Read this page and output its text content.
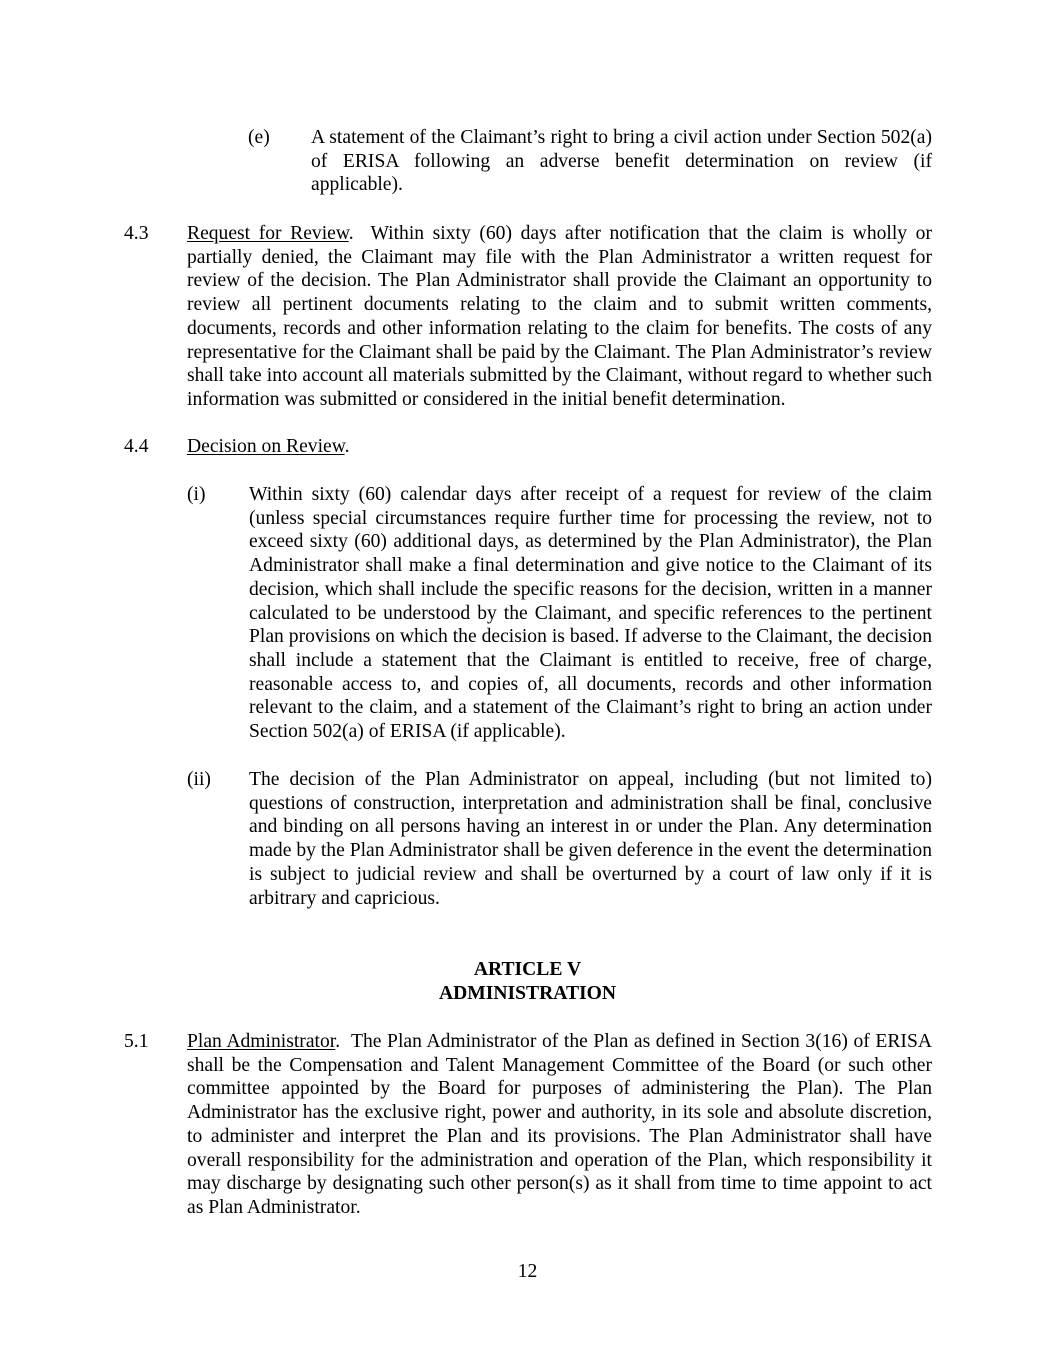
(e) A statement of the Claimant’s right to bring a civil action under Section 502(a) of ERISA following an adverse benefit determination on review (if applicable).

4.3 Request for Review.  Within sixty (60) days after notification that the claim is wholly or partially denied, the Claimant may file with the Plan Administrator a written request for review of the decision. The Plan Administrator shall provide the Claimant an opportunity to review all pertinent documents relating to the claim and to submit written comments, documents, records and other information relating to the claim for benefits. The costs of any representative for the Claimant shall be paid by the Claimant. The Plan Administrator’s review shall take into account all materials submitted by the Claimant, without regard to whether such information was submitted or considered in the initial benefit determination.

4.4 Decision on Review.

(i) Within sixty (60) calendar days after receipt of a request for review of the claim (unless special circumstances require further time for processing the review, not to exceed sixty (60) additional days, as determined by the Plan Administrator), the Plan Administrator shall make a final determination and give notice to the Claimant of its decision, which shall include the specific reasons for the decision, written in a manner calculated to be understood by the Claimant, and specific references to the pertinent Plan provisions on which the decision is based. If adverse to the Claimant, the decision shall include a statement that the Claimant is entitled to receive, free of charge, reasonable access to, and copies of, all documents, records and other information relevant to the claim, and a statement of the Claimant’s right to bring an action under Section 502(a) of ERISA (if applicable).

(ii) The decision of the Plan Administrator on appeal, including (but not limited to) questions of construction, interpretation and administration shall be final, conclusive and binding on all persons having an interest in or under the Plan. Any determination made by the Plan Administrator shall be given deference in the event the determination is subject to judicial review and shall be overturned by a court of law only if it is arbitrary and capricious.

ARTICLE V

ADMINISTRATION

5.1 Plan Administrator.  The Plan Administrator of the Plan as defined in Section 3(16) of ERISA shall be the Compensation and Talent Management Committee of the Board (or such other committee appointed by the Board for purposes of administering the Plan). The Plan Administrator has the exclusive right, power and authority, in its sole and absolute discretion, to administer and interpret the Plan and its provisions. The Plan Administrator shall have overall responsibility for the administration and operation of the Plan, which responsibility it may discharge by designating such other person(s) as it shall from time to time appoint to act as Plan Administrator.

12
